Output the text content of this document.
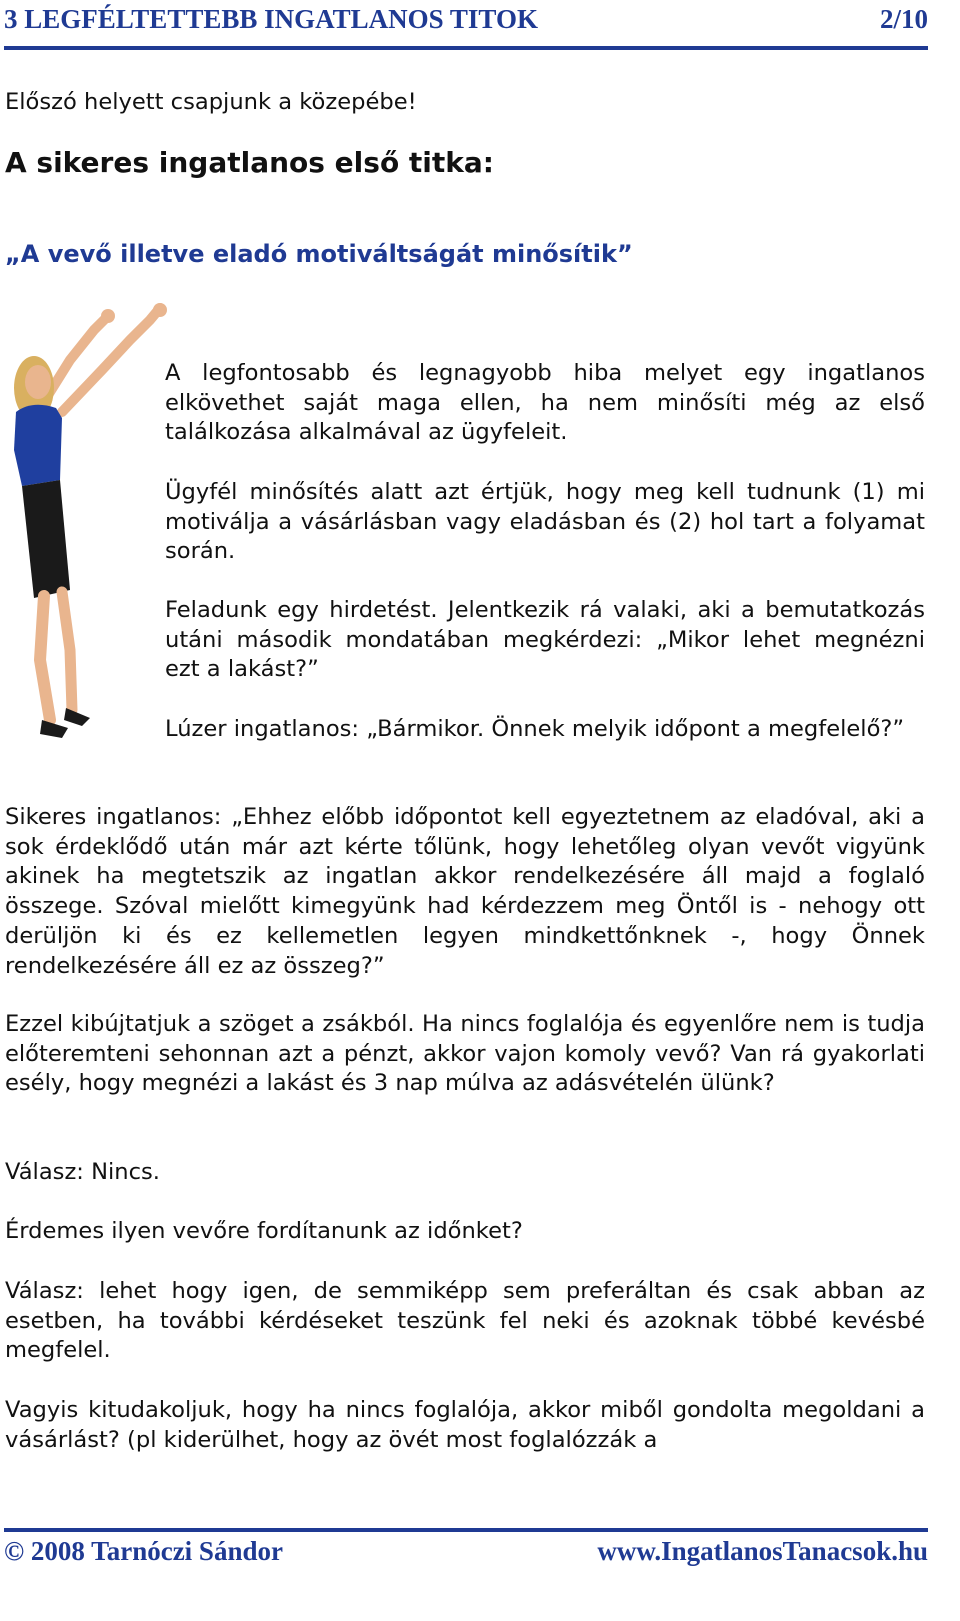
3 LEGFÉLTETTEBB INGATLANOS TITOK	2/10

Előszó helyett csapjunk a közepébe!

A sikeres ingatlanos első titka:
„A vevő illetve eladó motiváltságát minősítik”

A legfontosabb és legnagyobb hiba melyet egy ingatlanos elkövethet saját maga ellen, ha nem minősíti még az első találkozása alkalmával az ügyfeleit.

Ügyfél minősítés alatt azt értjük, hogy meg kell tudnunk (1) mi motiválja a vásárlásban vagy eladásban és (2) hol tart a folyamat során.

Feladunk egy hirdetést. Jelentkezik rá valaki, aki a bemutatkozás utáni második mondatában megkérdezi: „Mikor lehet megnézni ezt a lakást?”

Lúzer ingatlanos: „Bármikor. Önnek melyik időpont a megfelelő?”

Sikeres ingatlanos: „Ehhez előbb időpontot kell egyeztetnem az eladóval, aki a sok érdeklődő után már azt kérte tőlünk, hogy lehetőleg olyan vevőt vigyünk akinek ha megtetszik az ingatlan akkor rendelkezésére áll majd a foglaló összege. Szóval mielőtt kimegyünk had kérdezzem meg Öntől is - nehogy ott derüljön ki és ez kellemetlen legyen mindkettőnknek -, hogy Önnek rendelkezésére áll ez az összeg?”

Ezzel kibújtatjuk a szöget a zsákból. Ha nincs foglalója és egyenlőre nem is tudja előteremteni sehonnan azt a pénzt, akkor vajon komoly vevő? Van rá gyakorlati esély, hogy megnézi a lakást és 3 nap múlva az adásvételén ülünk?

Válasz: Nincs.

Érdemes ilyen vevőre fordítanunk az időnket?

Válasz: lehet hogy igen, de semmiképp sem preferáltan és csak abban az esetben, ha további kérdéseket teszünk fel neki és azoknak többé kevésbé megfelel.

Vagyis kitudakoljuk, hogy ha nincs foglalója, akkor miből gondolta megoldani a vásárlást? (pl kiderülhet, hogy az övét most foglalózzák a

© 2008 Tarnóczi Sándor	www.IngatlanosTanacsok.hu
